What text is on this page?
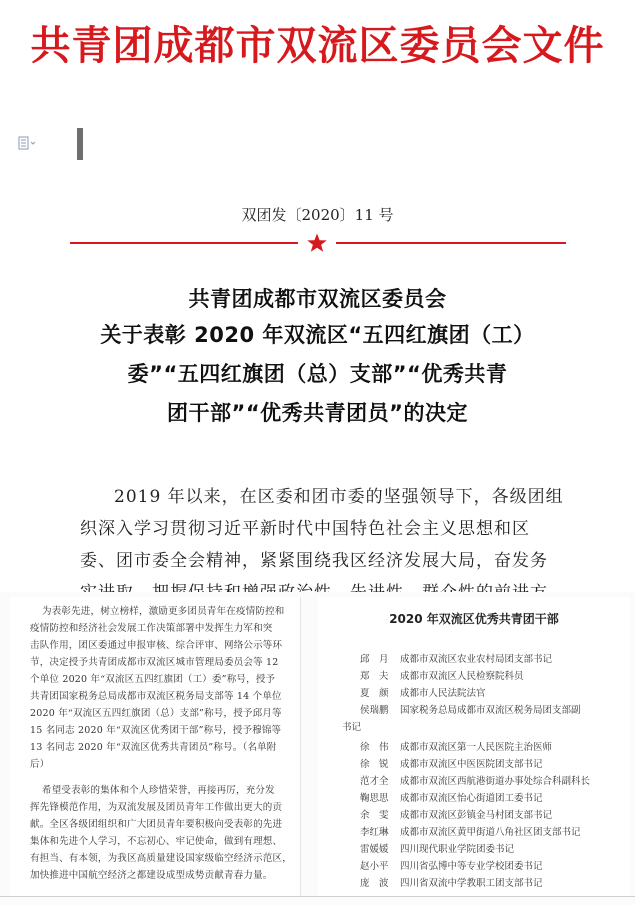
共青团成都市双流区委员会文件
双团发〔2020〕11 号
共青团成都市双流区委员会
关于表彰 2020 年双流区“五四红旗团（工）
委”“五四红旗团（总）支部”“优秀共青
团干部”“优秀共青团员”的决定
2019 年以来，在区委和团市委的坚强领导下，各级团组
织深入学习贯彻习近平新时代中国特色社会主义思想和区
委、团市委全会精神，紧紧围绕我区经济发展大局，奋发务
为表彰先进，树立榜样，激励更多团员青年在疫情防控和
疫情防控和经济社会发展工作决策部署中发挥生力军和突
击队作用，团区委通过申报审核、综合评审、网络公示等环
节，决定授予共青团成都市双流区城市管理局委员会等 12
个单位 2020 年“双流区五四红旗团（工）委”称号，授予
共青团国家税务总局成都市双流区税务局支部等 14 个单位
2020 年“双流区五四红旗团（总）支部”称号，授予邱月等
15 名同志 2020 年“双流区优秀团干部”称号，授予穆锦等
13 名同志 2020 年“双流区优秀共青团员”称号。（名单附
后）
希望受表彰的集体和个人珍惜荣誉，再接再厉，充分发
挥先锋模范作用，为双流发展及团员青年工作做出更大的贡
献。全区各级团组织和广大团员青年要积极向受表彰的先进
集体和先进个人学习，不忘初心、牢记使命，做到有理想、
有担当、有本领，为我区高质量建设国家级临空经济示范区，
加快推进中国航空经济之都建设成型成势贡献青春力量。
2020 年双流区优秀共青团干部
邱　月	成都市双流区农业农村局团支部书记
郑　夫	成都市双流区人民检察院科员
夏　颜	成都市人民法院法官
侯瑞鹏	国家税务总局成都市双流区税务局团支部副
书记
徐　伟	成都市双流区第一人民医院主治医师
徐　锐	成都市双流区中医医院团支部书记
范才全	成都市双流区西航港街道办事处综合科副科长
鞠思思	成都市双流区怡心街道团工委书记
余　雯	成都市双流区彭镇金马村团支部书记
李红琳	成都市双流区黄甲街道八角社区团支部书记
雷媛媛	四川现代职业学院团委书记
赵小平	四川省弘博中等专业学校团委书记
庞　波	四川省双流中学教职工团支部书记
